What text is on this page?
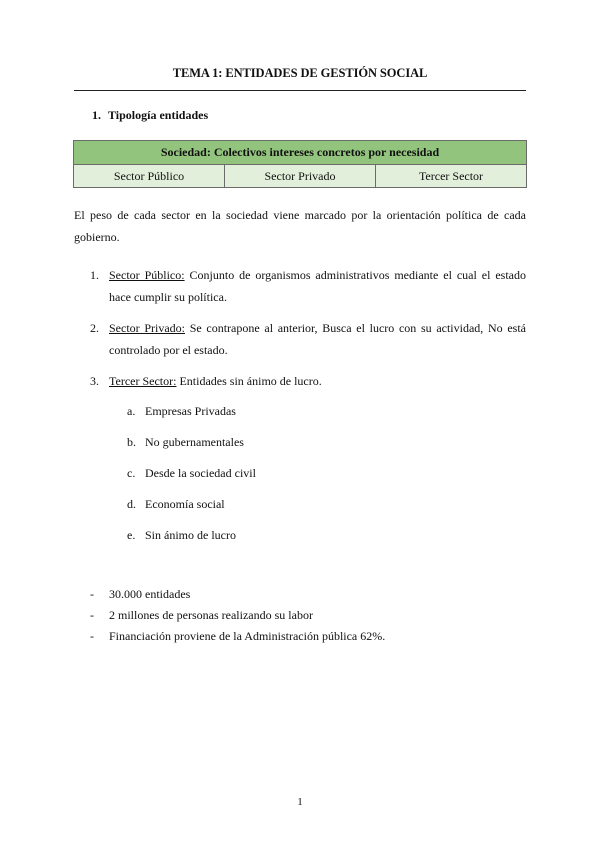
TEMA 1: ENTIDADES DE GESTIÓN SOCIAL
1. Tipología entidades
Sociedad: Colectivos intereses concretos por necesidad
Sector Público	Sector Privado	Tercer Sector
El peso de cada sector en la sociedad viene marcado por la orientación política de cada gobierno.
1. Sector Público: Conjunto de organismos administrativos mediante el cual el estado hace cumplir su política.
2. Sector Privado: Se contrapone al anterior, Busca el lucro con su actividad, No está controlado por el estado.
3. Tercer Sector: Entidades sin ánimo de lucro.
a. Empresas Privadas
b. No gubernamentales
c. Desde la sociedad civil
d. Economía social
e. Sin ánimo de lucro
- 30.000 entidades
- 2 millones de personas realizando su labor
- Financiación proviene de la Administración pública 62%.
1
